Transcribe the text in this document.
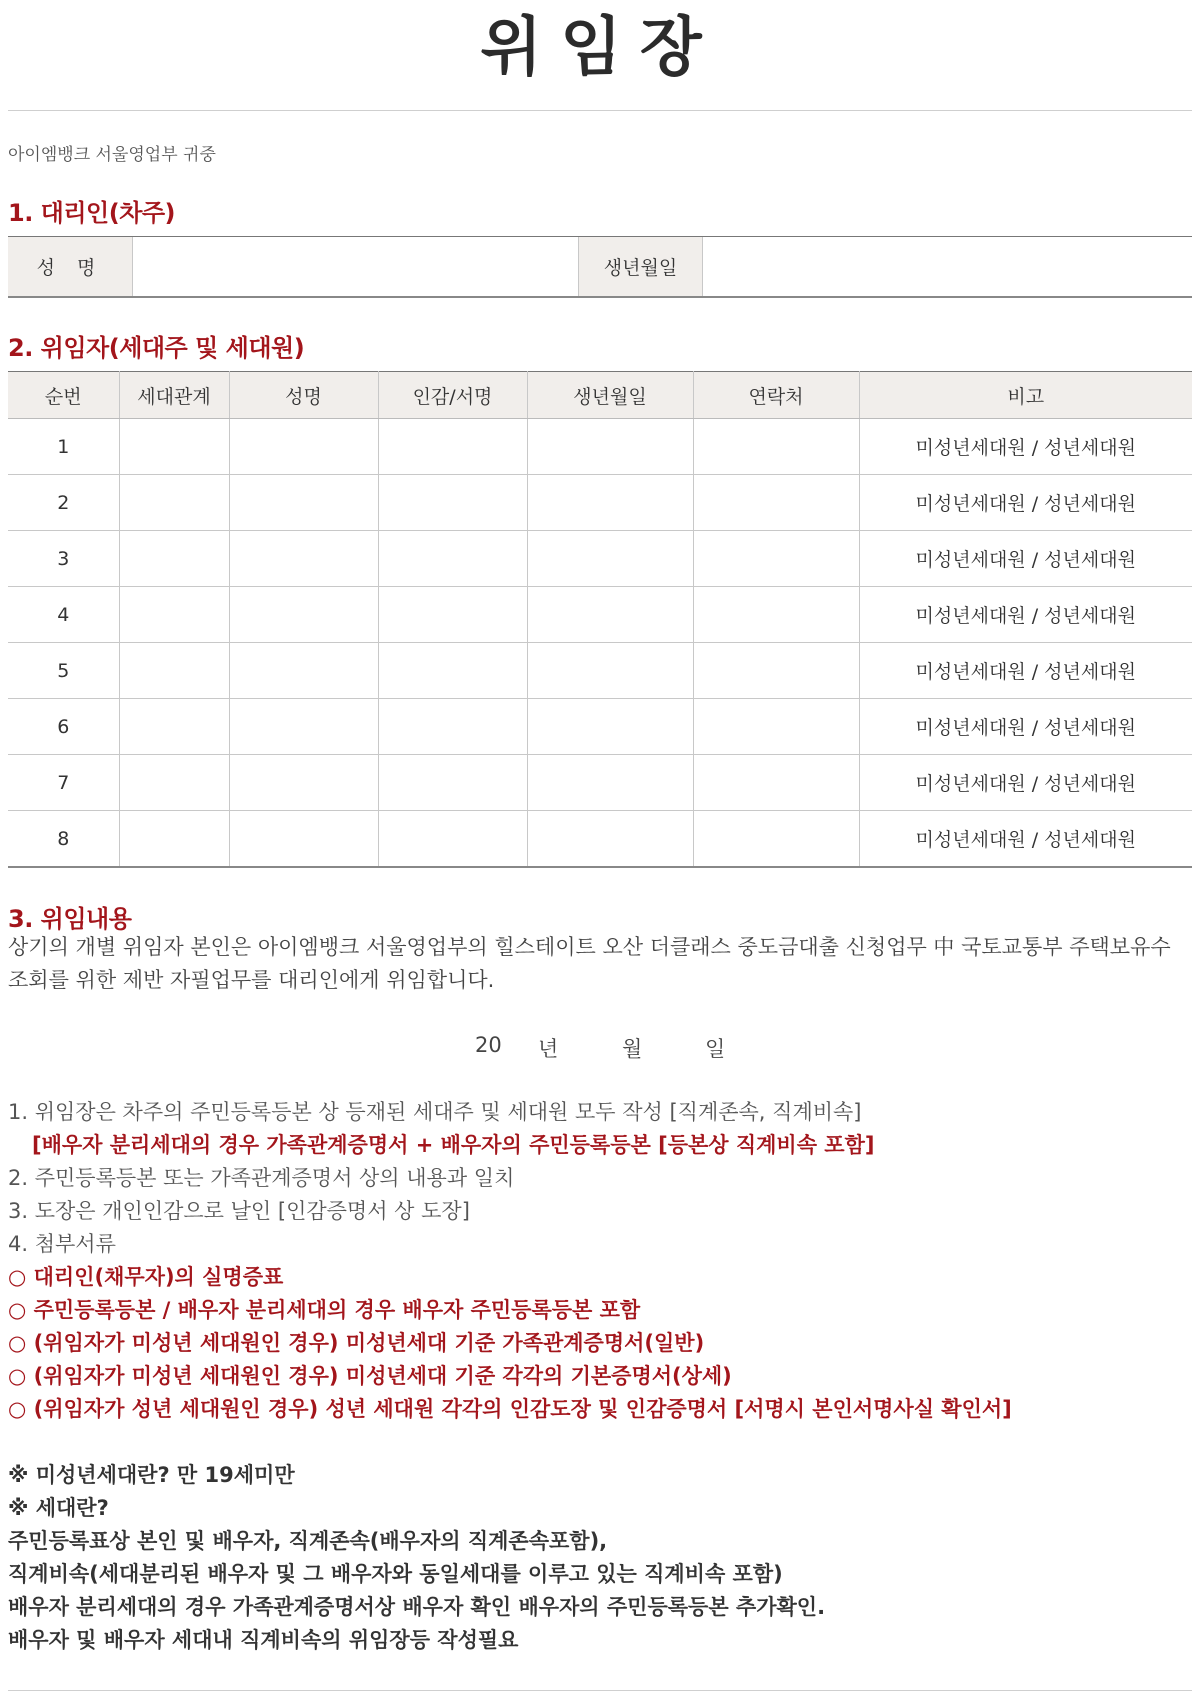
위임장
아이엠뱅크 서울영업부 귀중
1. 대리인(차주)
성 명	생년월일
2. 위임자(세대주 및 세대원)
순번	세대관계	성명	인감/서명	생년월일	연락처	비고
1						미성년세대원 / 성년세대원
2						미성년세대원 / 성년세대원
3						미성년세대원 / 성년세대원
4						미성년세대원 / 성년세대원
5						미성년세대원 / 성년세대원
6						미성년세대원 / 성년세대원
7						미성년세대원 / 성년세대원
8						미성년세대원 / 성년세대원
3. 위임내용
상기의 개별 위임자 본인은 아이엠뱅크 서울영업부의 힐스테이트 오산 더클래스 중도금대출 신청업무 中 국토교통부 주택보유수
조회를 위한 제반 자필업무를 대리인에게 위임합니다.
20 년	월	일
1. 위임장은 차주의 주민등록등본 상 등재된 세대주 및 세대원 모두 작성 [직계존속, 직계비속]
[배우자 분리세대의 경우 가족관계증명서 + 배우자의 주민등록등본 [등본상 직계비속 포함]
2. 주민등록등본 또는 가족관계증명서 상의 내용과 일치
3. 도장은 개인인감으로 날인 [인감증명서 상 도장]
4. 첨부서류
○ 대리인(채무자)의 실명증표
○ 주민등록등본 / 배우자 분리세대의 경우 배우자 주민등록등본 포함
○ (위임자가 미성년 세대원인 경우) 미성년세대 기준 가족관계증명서(일반)
○ (위임자가 미성년 세대원인 경우) 미성년세대 기준 각각의 기본증명서(상세)
○ (위임자가 성년 세대원인 경우) 성년 세대원 각각의 인감도장 및 인감증명서 [서명시 본인서명사실 확인서]
※ 미성년세대란? 만 19세미만
※ 세대란?
주민등록표상 본인 및 배우자, 직계존속(배우자의 직계존속포함),
직계비속(세대분리된 배우자 및 그 배우자와 동일세대를 이루고 있는 직계비속 포함)
배우자 분리세대의 경우 가족관계증명서상 배우자 확인 배우자의 주민등록등본 추가확인.
배우자 및 배우자 세대내 직계비속의 위임장등 작성필요
